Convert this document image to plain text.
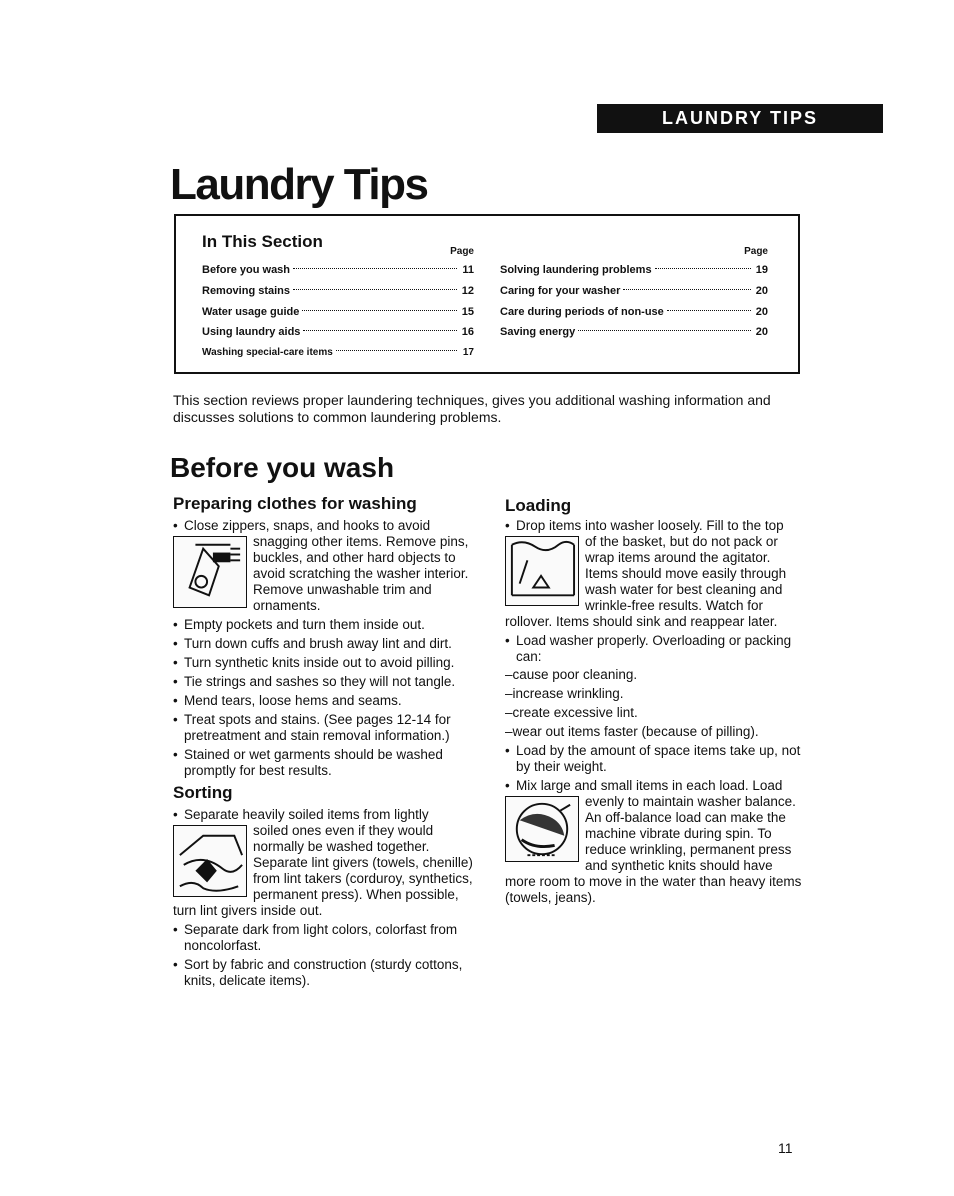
LAUNDRY TIPS
Laundry Tips
In This Section
Page
Before you wash	11
Removing stains	12
Water usage guide	15
Using laundry aids	16
Washing special-care items	17
Page
Solving laundering problems	19
Caring for your washer	20
Care during periods of non-use	20
Saving energy	20

This section reviews proper laundering techniques, gives you additional washing information and discusses solutions to common laundering problems.

Before you wash
Preparing clothes for washing
• Close zippers, snaps, and hooks to avoid
snagging other items. Remove pins, buckles, and other hard objects to avoid scratching the washer interior. Remove unwashable trim and ornaments.
• Empty pockets and turn them inside out.
• Turn down cuffs and brush away lint and dirt.
• Turn synthetic knits inside out to avoid pilling.
• Tie strings and sashes so they will not tangle.
• Mend tears, loose hems and seams.
• Treat spots and stains. (See pages 12-14 for pretreatment and stain removal information.)
• Stained or wet garments should be washed promptly for best results.
Sorting
• Separate heavily soiled items from lightly
soiled ones even if they would normally be washed together. Separate lint givers (towels, chenille) from lint takers (corduroy, synthetics, permanent press). When possible, turn lint givers inside out.
• Separate dark from light colors, colorfast from noncolorfast.
• Sort by fabric and construction (sturdy cottons, knits, delicate items).
Loading
• Drop items into washer loosely. Fill to the top
of the basket, but do not pack or wrap items around the agitator. Items should move easily through wash water for best cleaning and wrinkle-free results. Watch for rollover. Items should sink and reappear later.
• Load washer properly. Overloading or packing can:
–cause poor cleaning.
–increase wrinkling.
–create excessive lint.
–wear out items faster (because of pilling).
• Load by the amount of space items take up, not by their weight.
• Mix large and small items in each load. Load
evenly to maintain washer balance. An off-balance load can make the machine vibrate during spin. To reduce wrinkling, permanent press and synthetic knits should have more room to move in the water than heavy items (towels, jeans).
11
